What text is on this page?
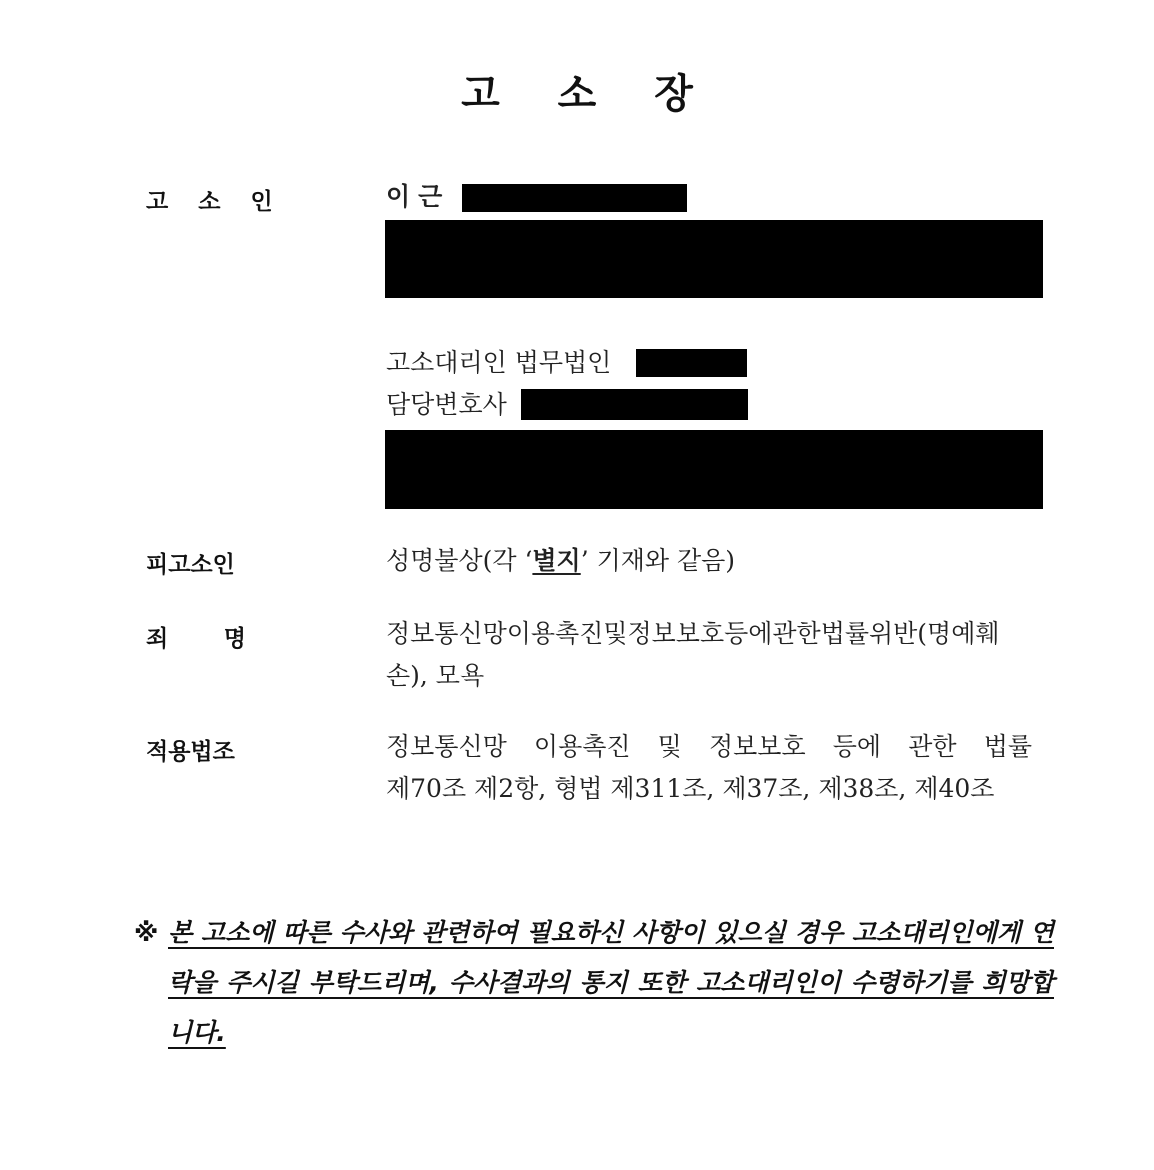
고 소 장
고 소 인	이근
고소대리인 법무법인
담당변호사
피고소인	성명불상(각 ‘별지’ 기재와 같음)
죄 명	정보통신망이용촉진및정보보호등에관한법률위반(명예훼
손), 모욕
적용법조	정보통신망 이용촉진 및 정보보호 등에 관한 법률
제70조 제2항, 형법 제311조, 제37조, 제38조, 제40조
※ 본 고소에 따른 수사와 관련하여 필요하신 사항이 있으실 경우 고소대리인에게 연락을 주시길 부탁드리며, 수사결과의 통지 또한 고소대리인이 수령하기를 희망합니다.
